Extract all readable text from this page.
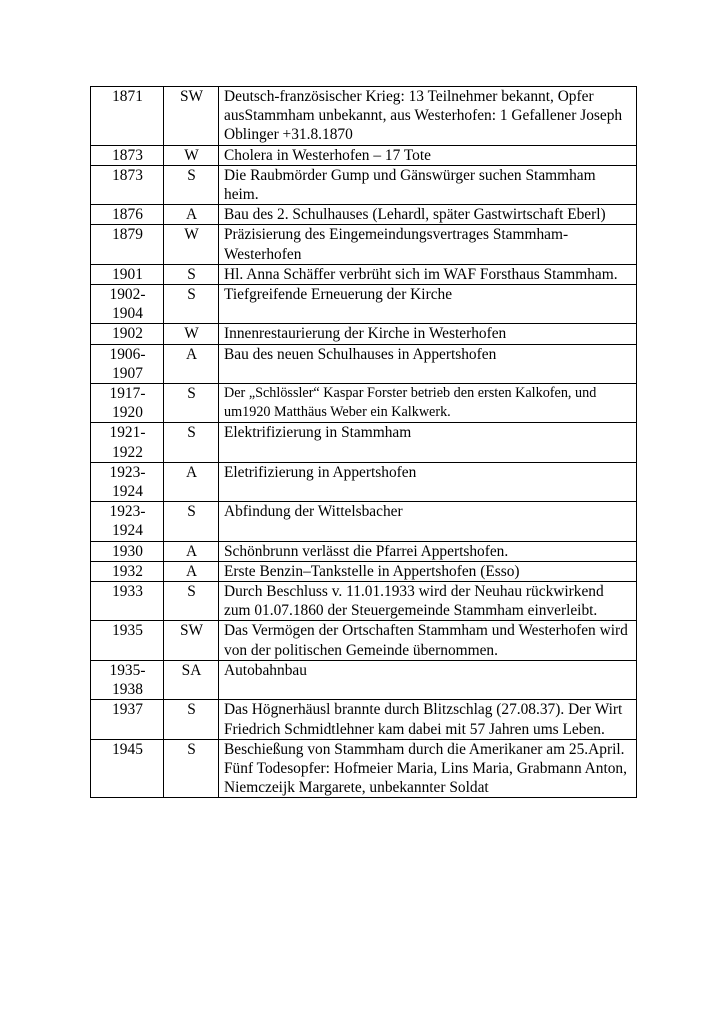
1871	SW	Deutsch-französischer Krieg: 13 Teilnehmer bekannt, Opfer ausStammham unbekannt, aus Westerhofen: 1 Gefallener Joseph Oblinger +31.8.1870
1873	W	Cholera in Westerhofen – 17 Tote
1873	S	Die Raubmörder Gump und Gänswürger suchen Stammham heim.
1876	A	Bau des 2. Schulhauses (Lehardl, später Gastwirtschaft Eberl)
1879	W	Präzisierung des Eingemeindungsvertrages Stammham-Westerhofen
1901	S	Hl. Anna Schäffer verbrüht sich im WAF Forsthaus Stammham.
1902-1904	S	Tiefgreifende Erneuerung der Kirche
1902	W	Innenrestaurierung der Kirche in Westerhofen
1906-1907	A	Bau des neuen Schulhauses in Appertshofen
1917-1920	S	Der „Schlössler“ Kaspar Forster betrieb den ersten Kalkofen, und um1920 Matthäus Weber ein Kalkwerk.
1921-1922	S	Elektrifizierung in Stammham
1923-1924	A	Eletrifizierung in Appertshofen
1923-1924	S	Abfindung der Wittelsbacher
1930	A	Schönbrunn verlässt die Pfarrei Appertshofen.
1932	A	Erste Benzin–Tankstelle in Appertshofen (Esso)
1933	S	Durch Beschluss v. 11.01.1933 wird der Neuhau rückwirkend zum 01.07.1860 der Steuergemeinde Stammham einverleibt.
1935	SW	Das Vermögen der Ortschaften Stammham und Westerhofen wird von der politischen Gemeinde übernommen.
1935-1938	SA	Autobahnbau
1937	S	Das Högnerhäusl brannte durch Blitzschlag (27.08.37). Der Wirt Friedrich Schmidtlehner kam dabei mit 57 Jahren ums Leben.
1945	S	Beschießung von Stammham durch die Amerikaner am 25.April. Fünf Todesopfer: Hofmeier Maria, Lins Maria, Grabmann Anton, Niemczeijk Margarete, unbekannter Soldat
